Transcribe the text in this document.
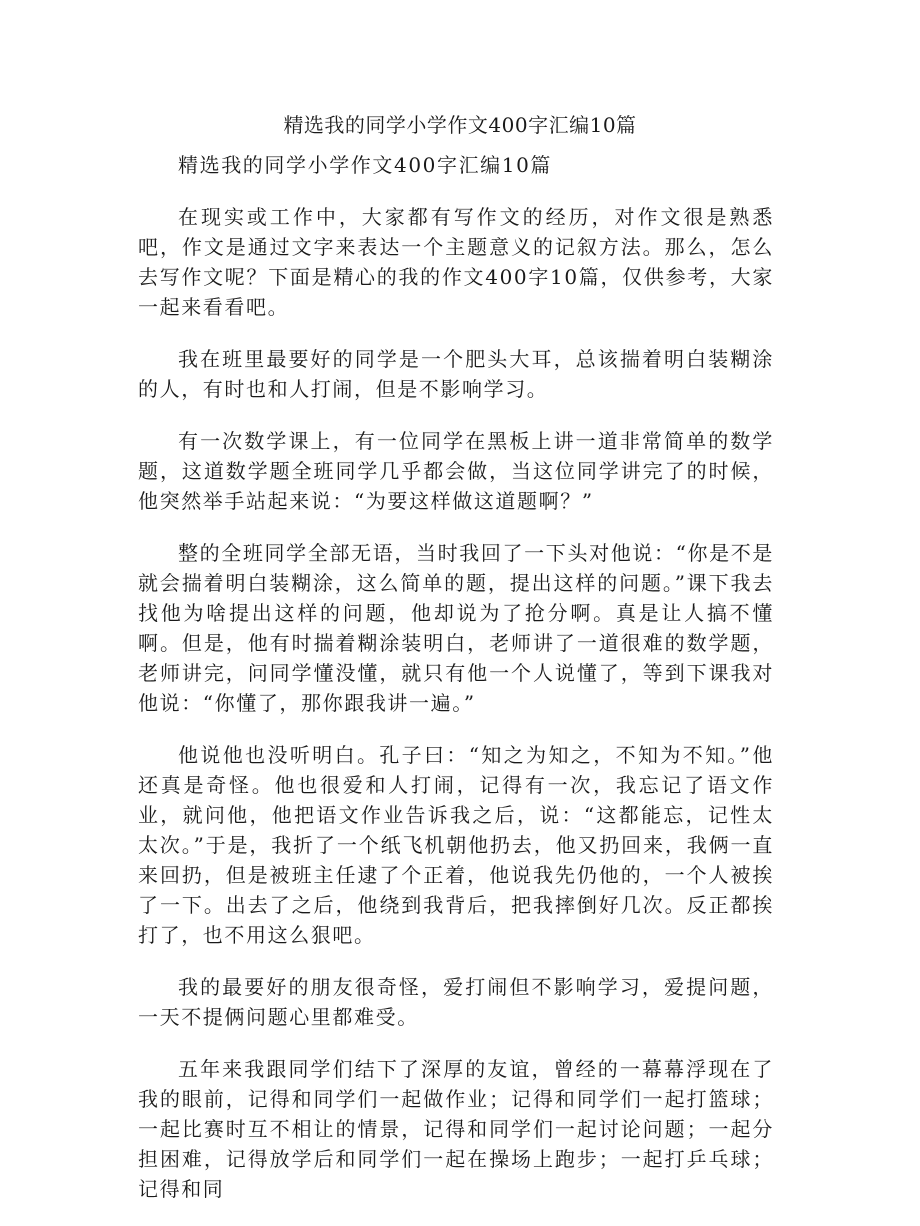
精选我的同学小学作文400字汇编10篇

精选我的同学小学作文400字汇编10篇

在现实或工作中，大家都有写作文的经历，对作文很是熟悉吧，作文是通过文字来表达一个主题意义的记叙方法。那么，怎么去写作文呢？下面是精心的我的作文400字10篇，仅供参考，大家一起来看看吧。

我在班里最要好的同学是一个肥头大耳，总该揣着明白装糊涂的人，有时也和人打闹，但是不影响学习。

有一次数学课上，有一位同学在黑板上讲一道非常简单的数学题，这道数学题全班同学几乎都会做，当这位同学讲完了的时候，他突然举手站起来说：“为要这样做这道题啊？”

整的全班同学全部无语，当时我回了一下头对他说：“你是不是就会揣着明白装糊涂，这么简单的题，提出这样的问题。”课下我去找他为啥提出这样的问题，他却说为了抢分啊。真是让人搞不懂啊。但是，他有时揣着糊涂装明白，老师讲了一道很难的数学题，老师讲完，问同学懂没懂，就只有他一个人说懂了，等到下课我对他说：“你懂了，那你跟我讲一遍。”

他说他也没听明白。孔子曰：“知之为知之，不知为不知。”他还真是奇怪。他也很爱和人打闹，记得有一次，我忘记了语文作业，就问他，他把语文作业告诉我之后，说：“这都能忘，记性太太次。”于是，我折了一个纸飞机朝他扔去，他又扔回来，我俩一直来回扔，但是被班主任逮了个正着，他说我先仍他的，一个人被挨了一下。出去了之后，他绕到我背后，把我摔倒好几次。反正都挨打了，也不用这么狠吧。

我的最要好的朋友很奇怪，爱打闹但不影响学习，爱提问题，一天不提俩问题心里都难受。

五年来我跟同学们结下了深厚的友谊，曾经的一幕幕浮现在了我的眼前，记得和同学们一起做作业；记得和同学们一起打篮球；一起比赛时互不相让的情景，记得和同学们一起讨论问题；一起分担困难，记得放学后和同学们一起在操场上跑步；一起打乒乓球；记得和同
